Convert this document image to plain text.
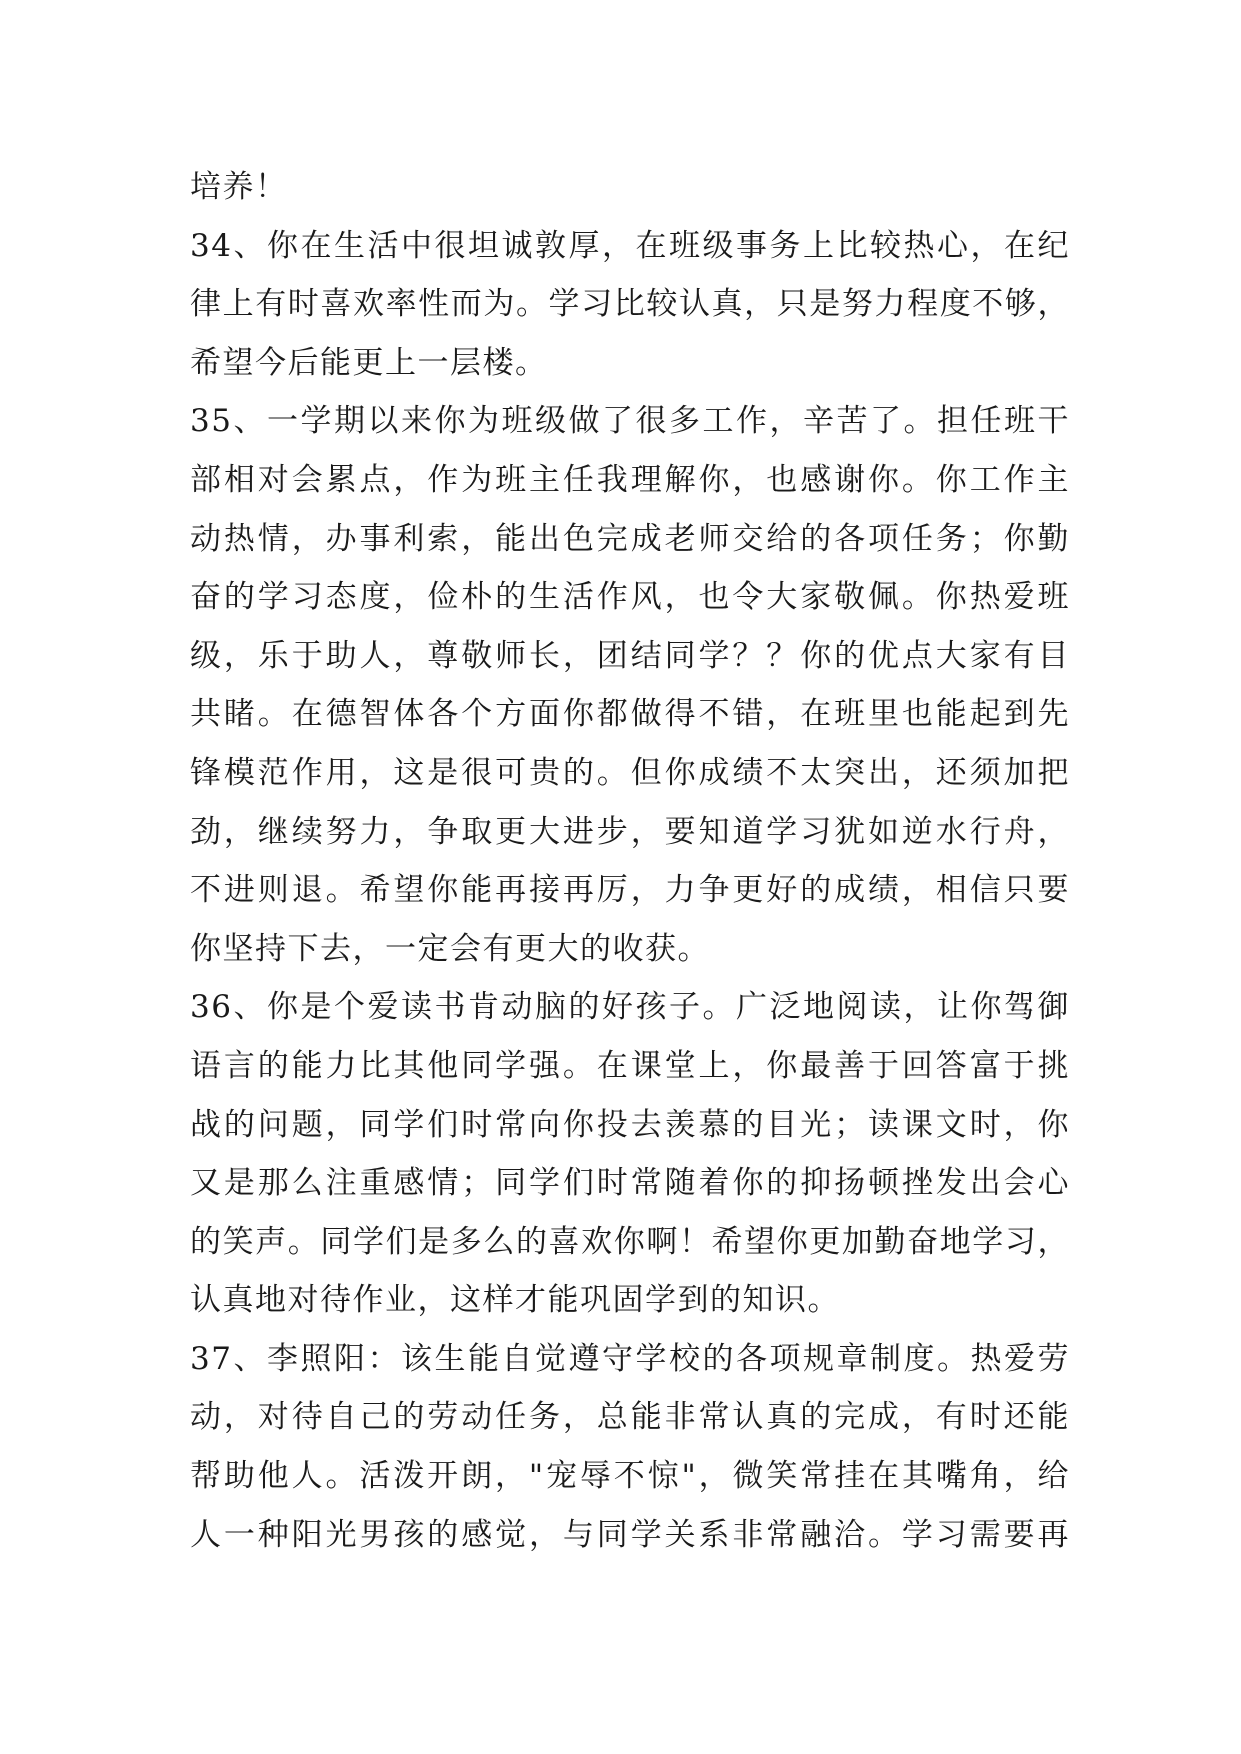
培养！
34、你在生活中很坦诚敦厚，在班级事务上比较热心，在纪
律上有时喜欢率性而为。学习比较认真，只是努力程度不够，
希望今后能更上一层楼。
35、一学期以来你为班级做了很多工作，辛苦了。担任班干
部相对会累点，作为班主任我理解你，也感谢你。你工作主
动热情，办事利索，能出色完成老师交给的各项任务；你勤
奋的学习态度，俭朴的生活作风，也令大家敬佩。你热爱班
级，乐于助人，尊敬师长，团结同学？？你的优点大家有目
共睹。在德智体各个方面你都做得不错，在班里也能起到先
锋模范作用，这是很可贵的。但你成绩不太突出，还须加把
劲，继续努力，争取更大进步，要知道学习犹如逆水行舟，
不进则退。希望你能再接再厉，力争更好的成绩，相信只要
你坚持下去，一定会有更大的收获。
36、你是个爱读书肯动脑的好孩子。广泛地阅读，让你驾御
语言的能力比其他同学强。在课堂上，你最善于回答富于挑
战的问题，同学们时常向你投去羡慕的目光；读课文时，你
又是那么注重感情；同学们时常随着你的抑扬顿挫发出会心
的笑声。同学们是多么的喜欢你啊！希望你更加勤奋地学习，
认真地对待作业，这样才能巩固学到的知识。
37、李照阳：该生能自觉遵守学校的各项规章制度。热爱劳
动，对待自己的劳动任务，总能非常认真的完成，有时还能
帮助他人。活泼开朗，"宠辱不惊"，微笑常挂在其嘴角，给
人一种阳光男孩的感觉，与同学关系非常融洽。学习需要再
